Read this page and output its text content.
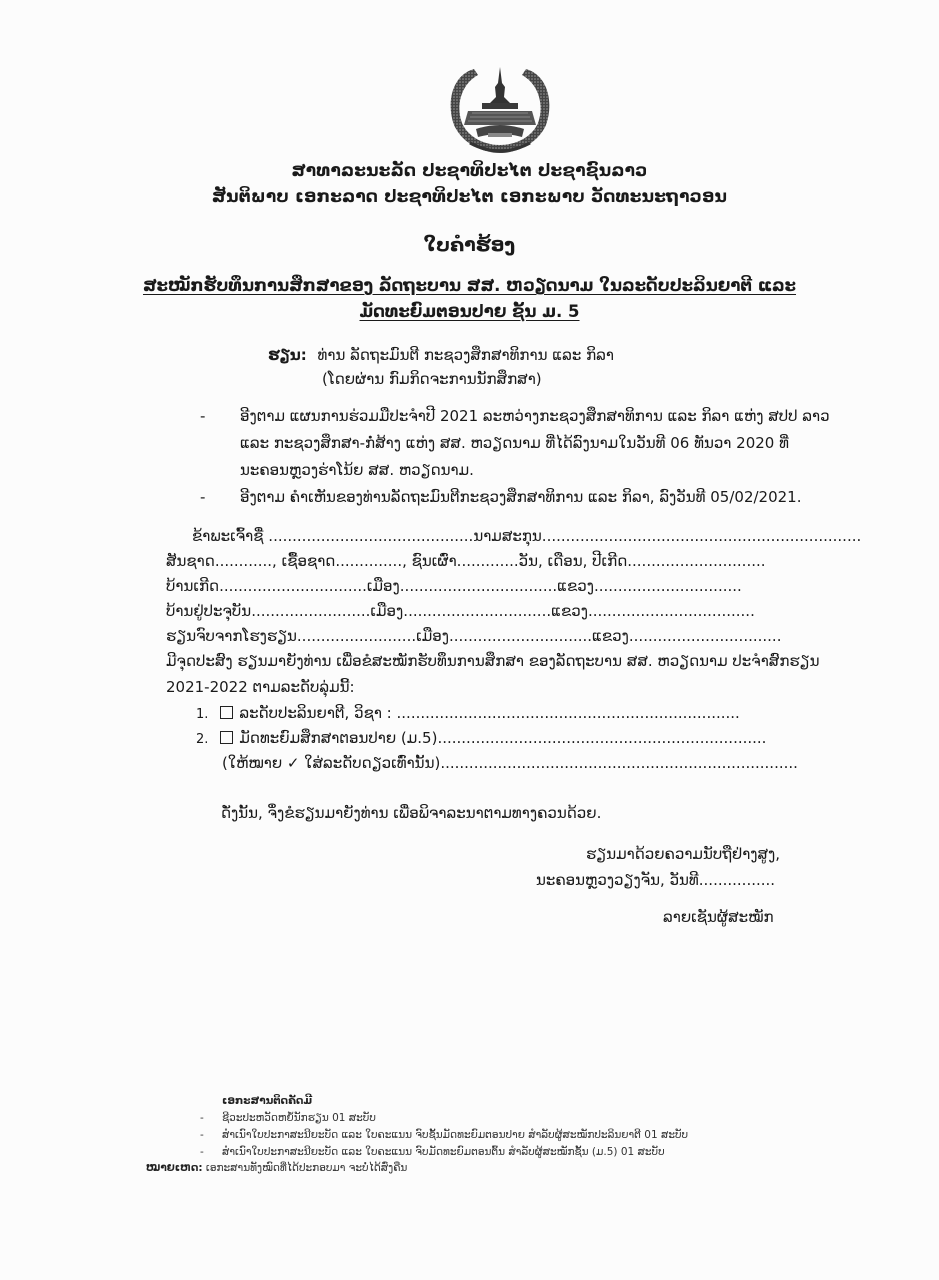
ສາທາລະນະລັດ ປະຊາທິປະໄຕ ປະຊາຊົນລາວ
ສັນຕິພາບ ເອກະລາດ ປະຊາທິປະໄຕ ເອກະພາບ ວັດທະນະຖາວອນ
ໃບຄຳຮ້ອງ
ສະໝັກຮັບທຶນການສຶກສາຂອງ ລັດຖະບານ ສສ. ຫວຽດນາມ ໃນລະດັບປະລິນຍາຕີ ແລະ
ມັດທະຍົມຕອນປາຍ ຊັ້ນ ມ. 5
ຮຽນ: ທ່ານ ລັດຖະມົນຕີ ກະຊວງສຶກສາທິການ ແລະ ກິລາ
(ໂດຍຜ່ານ ກົມກິດຈະການນັກສຶກສາ)
- ອີງຕາມ ແຜນການຮ່ວມມືປະຈຳປີ 2021 ລະຫວ່າງກະຊວງສຶກສາທິການ ແລະ ກິລາ ແຫ່ງ ສປປ ລາວ
ແລະ ກະຊວງສຶກສາ-ກໍ່ສ້າງ ແຫ່ງ ສສ. ຫວຽດນາມ ທີ່ໄດ້ລົງນາມໃນວັນທີ 06 ທັນວາ 2020 ທີ່
ນະຄອນຫຼວງຮ່າໂນ້ຍ ສສ. ຫວຽດນາມ.
- ອີງຕາມ ຄຳເຫັນຂອງທ່ານລັດຖະມົນຕີກະຊວງສຶກສາທິການ ແລະ ກິລາ, ລົງວັນທີ 05/02/2021.
ຂ້າພະເຈົ້າຊື່ ...........................................ນາມສະກຸນ...................................................................
ສັນຊາດ............, ເຊື້ອຊາດ.............., ຊົນເຜົ່າ.............ວັນ, ເດືອນ, ປີເກີດ.............................
ບ້ານເກີດ...............................ເມືອງ.................................ແຂວງ...............................
ບ້ານຢູ່ປະຈຸບັນ.........................ເມືອງ...............................ແຂວງ...................................
ຮຽນຈົບຈາກໂຮງຮຽນ.........................ເມືອງ..............................ແຂວງ................................
ມີຈຸດປະສົງ ຮຽນມາຍັງທ່ານ ເພື່ອຂໍສະໝັກຮັບທຶນການສຶກສາ ຂອງລັດຖະບານ ສສ. ຫວຽດນາມ ປະຈຳສົກຮຽນ
2021-2022 ຕາມລະດັບລຸ່ມນີ້:
1. ລະດັບປະລິນຍາຕີ, ວິຊາ : ........................................................................
2. ມັດທະຍົມສຶກສາຕອນປາຍ (ມ.5).....................................................................
(ໃຫ້ໝາຍ ✓ ໃສ່ລະດັບດຽວເທົ່ານັ້ນ)...........................................................................
ດັ່ງນັ້ນ, ຈຶ່ງຂໍຮຽນມາຍັງທ່ານ ເພື່ອພິຈາລະນາຕາມທາງຄວນດ້ວຍ.
ຮຽນມາດ້ວຍຄວາມນັບຖືຢ່າງສູງ,
ນະຄອນຫຼວງວຽງຈັນ, ວັນທີ................
ລາຍເຊັນຜູ້ສະໝັກ
ເອກະສານຕິດຄັດມີ
- ຊີວະປະຫວັດຫຍໍ້ນັກຮຽນ 01 ສະບັບ
- ສຳເນົາໃບປະກາສະນີຍະບັດ ແລະ ໃບຄະແນນ ຈົບຊັ້ນມັດທະຍົມຕອນປາຍ ສຳລັບຜູ້ສະໝັກປະລິນຍາຕີ 01 ສະບັບ
- ສຳເນົາໃບປະກາສະນີຍະບັດ ແລະ ໃບຄະແນນ ຈົບມັດທະຍົມຕອນຕົ້ນ ສຳລັບຜູ້ສະໝັກຊັ້ນ (ມ.5) 01 ສະບັບ
ໝາຍເຫດ: ເອກະສານທັງໝົດທີ່ໄດ້ປະກອບມາ ຈະບໍ່ໄດ້ສົ່ງຄືນ
